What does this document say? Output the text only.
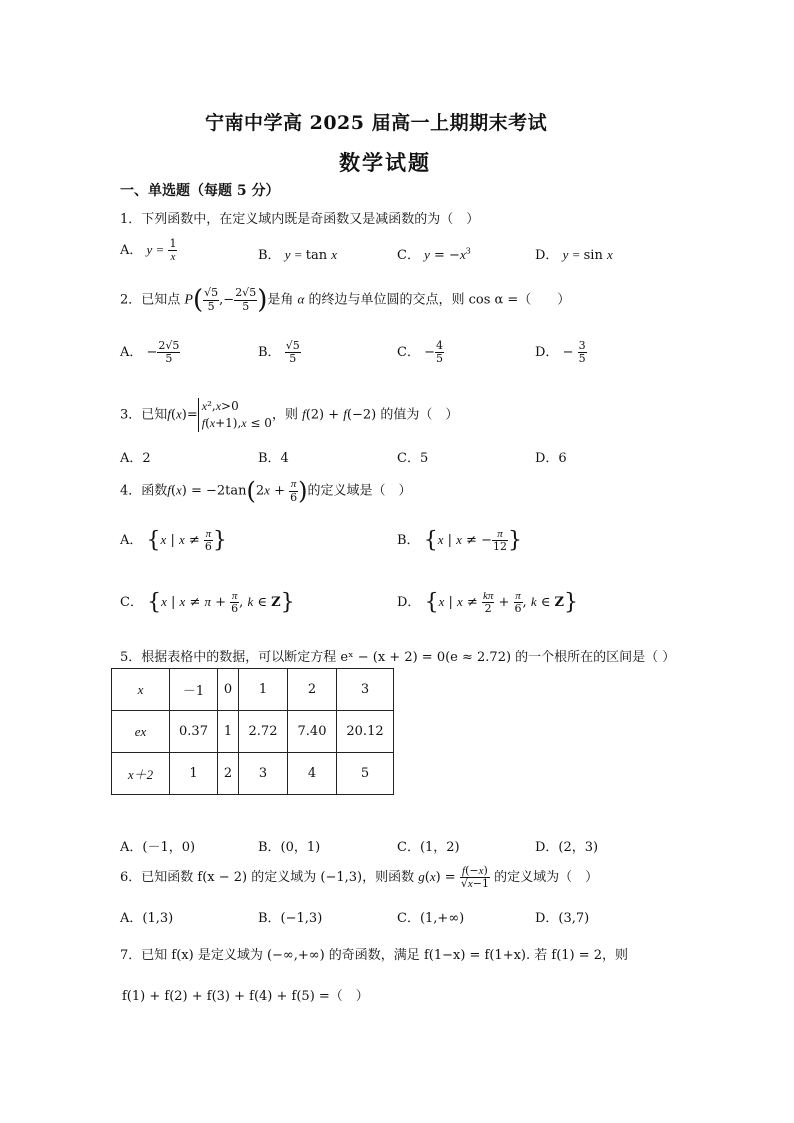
宁南中学高 2025 届高一上期期末考试
数学试题
一、单选题（每题 5 分）
1．下列函数中，在定义域内既是奇函数又是减函数的为（　）
A． $y = \frac{1}{x}$	B． y = tan x	C． $y = -x^3$	D． y = sin x
2．已知点 $P( \frac{√5}{5}$ ,− $\frac{2√5}{5}$ )是角 α 的终边与单位圆的交点，则 cos α =（　　）
A． − $\frac{2√5}{5}$	B． $\frac{√5}{5}$	C． − $\frac{4}{5}$	D． − $\frac{3}{5}$
3．已知f(x)=x²,x>0
f(x+1),x ≤ 0，则 f(2) + f(−2) 的值为（　）
A．2	B．4	C．5	D．6
4．函数$f(x) = -2\tan(2x + \frac{\pi}{6}$ )的定义域是（　）
A． {x | $x \ne \frac{\pi}{6}$ }	B． {x | x ≠ − $\frac{\pi}{12}$ }
C． {x | $x \ne \pi + \frac{\pi}{6}$ , k ∈ Z}	D． {x | $x \ne \frac{k\pi}{2} + \frac{\pi}{6}$ , k ∈ Z}
5．根据表格中的数据，可以断定方程 eˣ − (x + 2) = 0(e ≈ 2.72) 的一个根所在的区间是（ ）
x	－1	0	1	2	3
ex	0.37	1	2.72	7.40	20.12
x＋2	1	2	3	4	5
A．(－1，0)	B．(0，1)	C．(1，2)	D．(2，3)
6．已知函数 f(x − 2) 的定义域为 (−1,3)，则函数 $g(x) = \frac{f(-x)}{√x-1}$ 的定义域为（　）
A．(1,3)	B．(−1,3)	C．(1,+∞)	D．(3,7)
7．已知 f(x) 是定义域为 (−∞,+∞) 的奇函数，满足 f(1−x) = f(1+x). 若 f(1) = 2，则
f(1) + f(2) + f(3) + f(4) + f(5) =（　）
